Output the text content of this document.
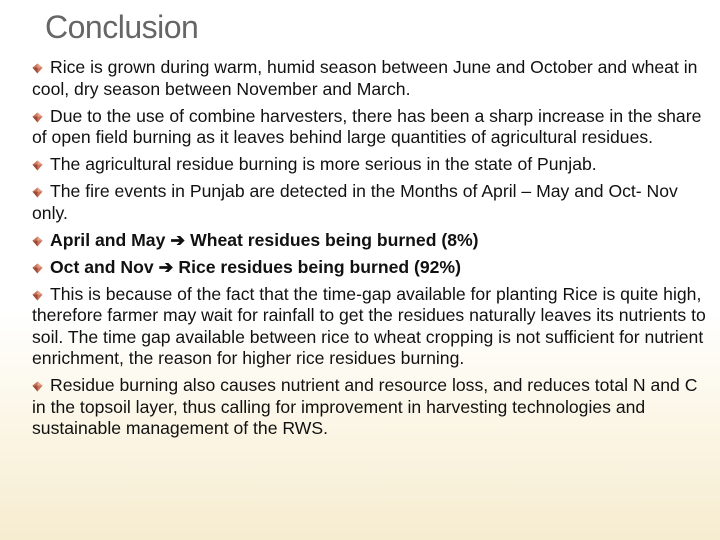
Conclusion

Rice is grown during warm, humid season between June and October and wheat in cool, dry season between November and March.

Due to the use of combine harvesters, there has been a sharp increase in the share of open field burning as it leaves behind large quantities of agricultural residues.

The agricultural residue burning is more serious in the state of Punjab.

The fire events in Punjab are detected in the Months of April – May and Oct- Nov only.

April and May ➔ Wheat residues being burned (8%)

Oct and Nov ➔ Rice residues being burned (92%)

This is because of the fact that the time-gap available for planting Rice is quite high, therefore farmer may wait for rainfall to get the residues naturally leaves its nutrients to soil. The time gap available between rice to wheat cropping is not sufficient for nutrient enrichment, the reason for higher rice residues burning.

Residue burning also causes nutrient and resource loss, and reduces total N and C in the topsoil layer, thus calling for improvement in harvesting technologies and sustainable management of the RWS.
